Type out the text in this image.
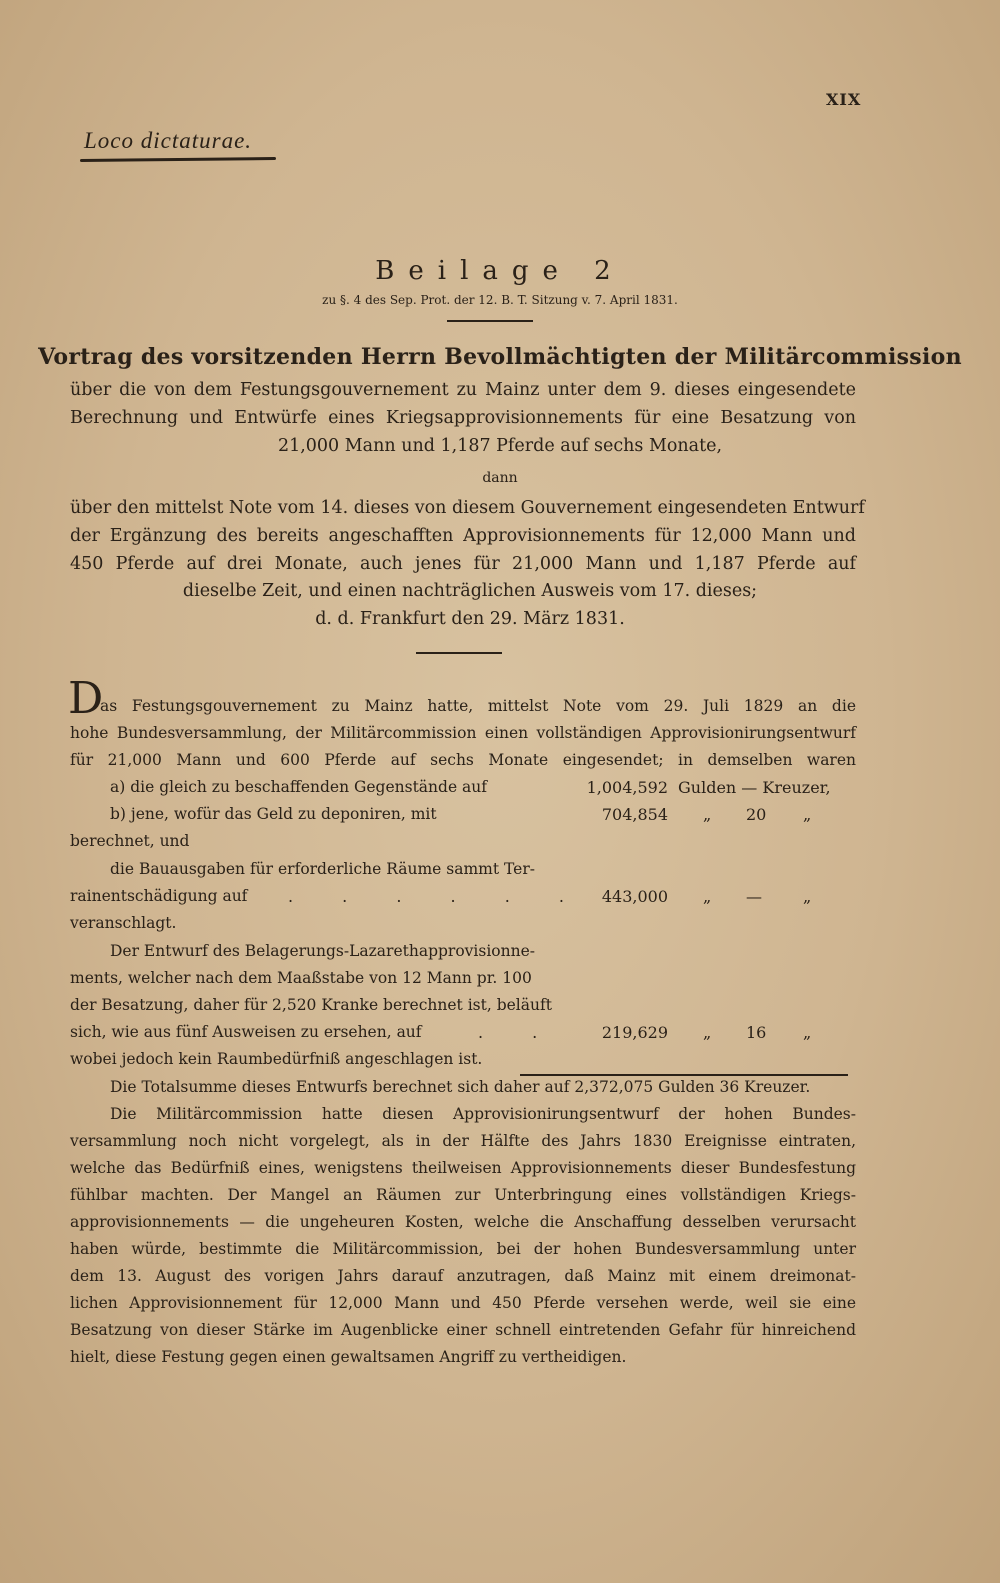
XIX
Loco dictaturae.
Beilage 2
zu §. 4 des Sep. Prot. der 12. B. T. Sitzung v. 7. April 1831.
Vortrag des vorsitzenden Herrn Bevollmächtigten der Militärcommission
über die von dem Festungsgouvernement zu Mainz unter dem 9. dieses eingesendete
Berechnung und Entwürfe eines Kriegsapprovisionnements für eine Besatzung von
21,000 Mann und 1,187 Pferde auf sechs Monate,
dann
über den mittelst Note vom 14. dieses von diesem Gouvernement eingesendeten Entwurf
der Ergänzung des bereits angeschafften Approvisionnements für 12,000 Mann und
450 Pferde auf drei Monate, auch jenes für 21,000 Mann und 1,187 Pferde auf
dieselbe Zeit, und einen nachträglichen Ausweis vom 17. dieses;
d. d. Frankfurt den 29. März 1831.
D
as Festungsgouvernement zu Mainz hatte, mittelst Note vom 29. Juli 1829 an die
hohe Bundesversammlung, der Militärcommission einen vollständigen Approvisionirungsentwurf
für 21,000 Mann und 600 Pferde auf sechs Monate eingesendet; in demselben waren
a) die gleich zu beschaffenden Gegenstände auf	1,004,592 Gulden — Kreuzer,
b) jene, wofür das Geld zu deponiren, mit	704,854 „ 20 „
berechnet, und
die Bauausgaben für erforderliche Räume sammt Ter-
rainentschädigung auf	. . . . . . 443,000 „ —	„
veranschlagt.
Der Entwurf des Belagerungs-Lazarethapprovisionne-
ments, welcher nach dem Maaßstabe von 12 Mann pr. 100
der Besatzung, daher für 2,520 Kranke berechnet ist, beläuft
sich, wie aus fünf Ausweisen zu ersehen, auf	. .	219,629 „ 16 „
wobei jedoch kein Raumbedürfniß angeschlagen ist.
Die Totalsumme dieses Entwurfs berechnet sich daher auf 2,372,075 Gulden 36 Kreuzer.
Die Militärcommission hatte diesen Approvisionirungsentwurf der hohen Bundes-
versammlung noch nicht vorgelegt, als in der Hälfte des Jahrs 1830 Ereignisse eintraten,
welche das Bedürfniß eines, wenigstens theilweisen Approvisionnements dieser Bundesfestung
fühlbar machten. Der Mangel an Räumen zur Unterbringung eines vollständigen Kriegs-
approvisionnements — die ungeheuren Kosten, welche die Anschaffung desselben verursacht
haben würde, bestimmte die Militärcommission, bei der hohen Bundesversammlung unter
dem 13. August des vorigen Jahrs darauf anzutragen, daß Mainz mit einem dreimonat-
lichen Approvisionnement für 12,000 Mann und 450 Pferde versehen werde, weil sie eine
Besatzung von dieser Stärke im Augenblicke einer schnell eintretenden Gefahr für hinreichend
hielt, diese Festung gegen einen gewaltsamen Angriff zu vertheidigen.
